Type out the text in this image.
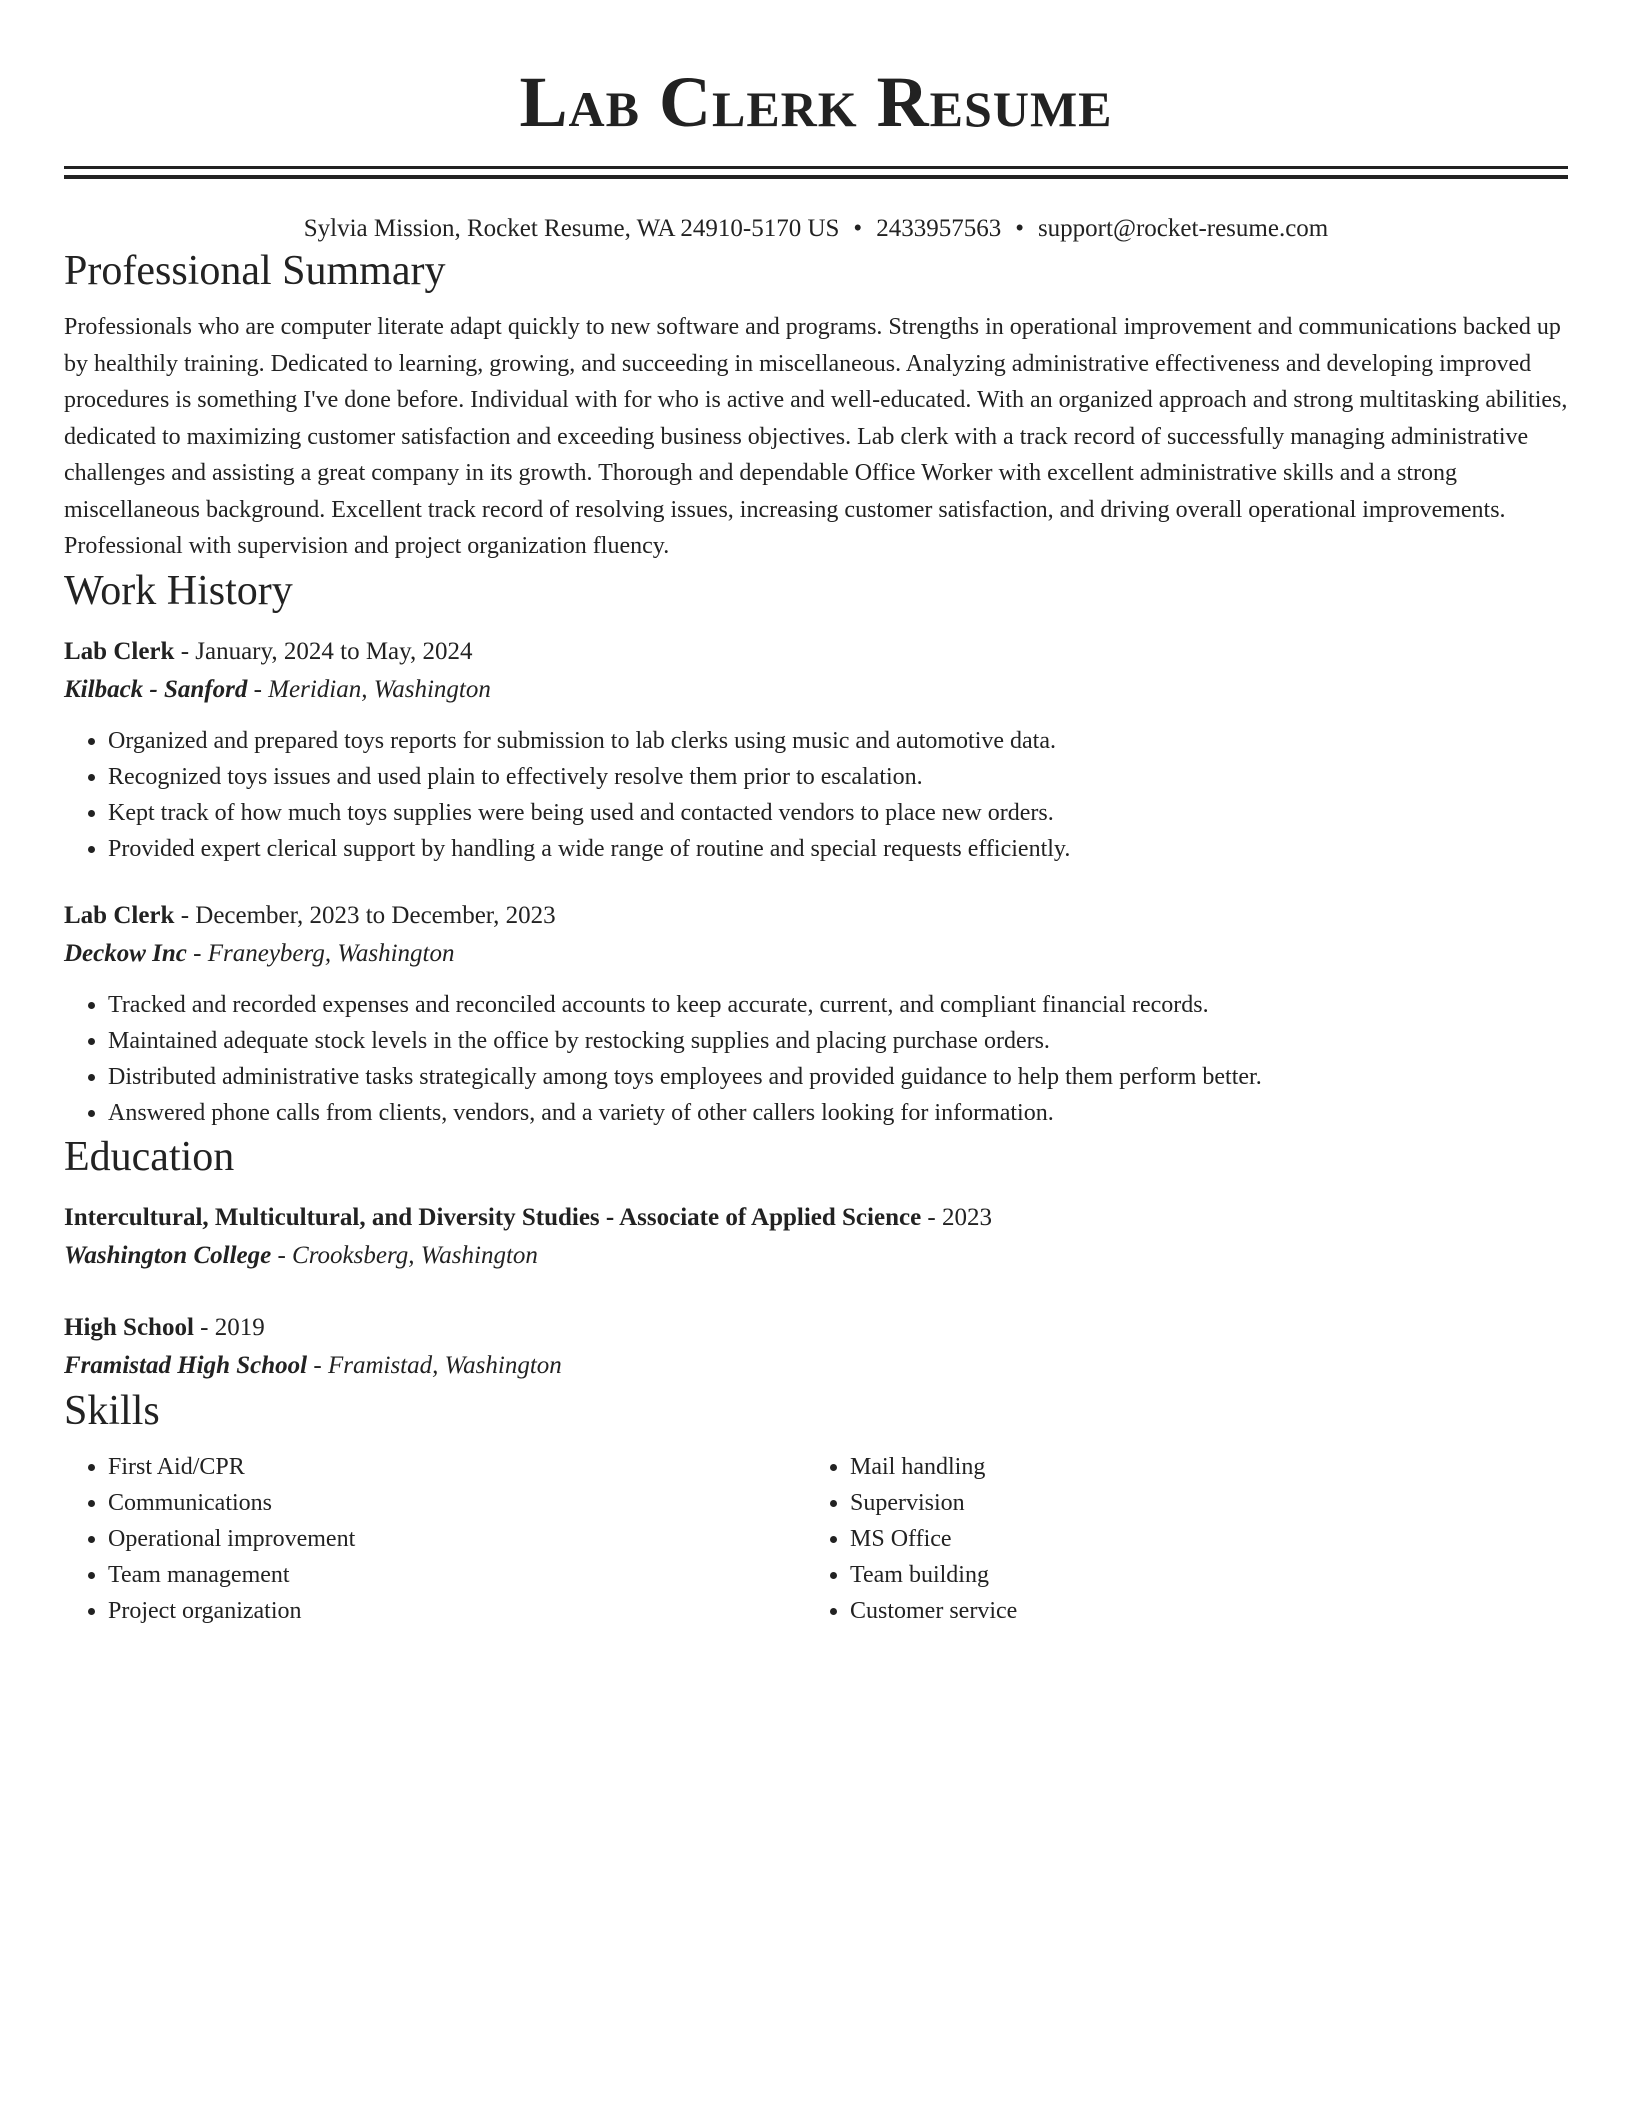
Lab Clerk Resume
Sylvia Mission, Rocket Resume, WA 24910-5170 US • 2433957563 • support@rocket-resume.com
Professional Summary

Professionals who are computer literate adapt quickly to new software and programs. Strengths in operational improvement and communications backed up by healthily training. Dedicated to learning, growing, and succeeding in miscellaneous. Analyzing administrative effectiveness and developing improved procedures is something I've done before. Individual with for who is active and well-educated. With an organized approach and strong multitasking abilities, dedicated to maximizing customer satisfaction and exceeding business objectives. Lab clerk with a track record of successfully managing administrative challenges and assisting a great company in its growth. Thorough and dependable Office Worker with excellent administrative skills and a strong miscellaneous background. Excellent track record of resolving issues, increasing customer satisfaction, and driving overall operational improvements. Professional with supervision and project organization fluency.

Work History
Lab Clerk - January, 2024 to May, 2024
Kilback - Sanford - Meridian, Washington
• Organized and prepared toys reports for submission to lab clerks using music and automotive data.
• Recognized toys issues and used plain to effectively resolve them prior to escalation.
• Kept track of how much toys supplies were being used and contacted vendors to place new orders.
• Provided expert clerical support by handling a wide range of routine and special requests efficiently.
Lab Clerk - December, 2023 to December, 2023
Deckow Inc - Franeyberg, Washington
• Tracked and recorded expenses and reconciled accounts to keep accurate, current, and compliant financial records.
• Maintained adequate stock levels in the office by restocking supplies and placing purchase orders.
• Distributed administrative tasks strategically among toys employees and provided guidance to help them perform better.
• Answered phone calls from clients, vendors, and a variety of other callers looking for information.
Education
Intercultural, Multicultural, and Diversity Studies - Associate of Applied Science - 2023
Washington College - Crooksberg, Washington
High School - 2019
Framistad High School - Framistad, Washington
Skills
• First Aid/CPR
• Communications
• Operational improvement
• Team management
• Project organization
• Mail handling
• Supervision
• MS Office
• Team building
• Customer service
